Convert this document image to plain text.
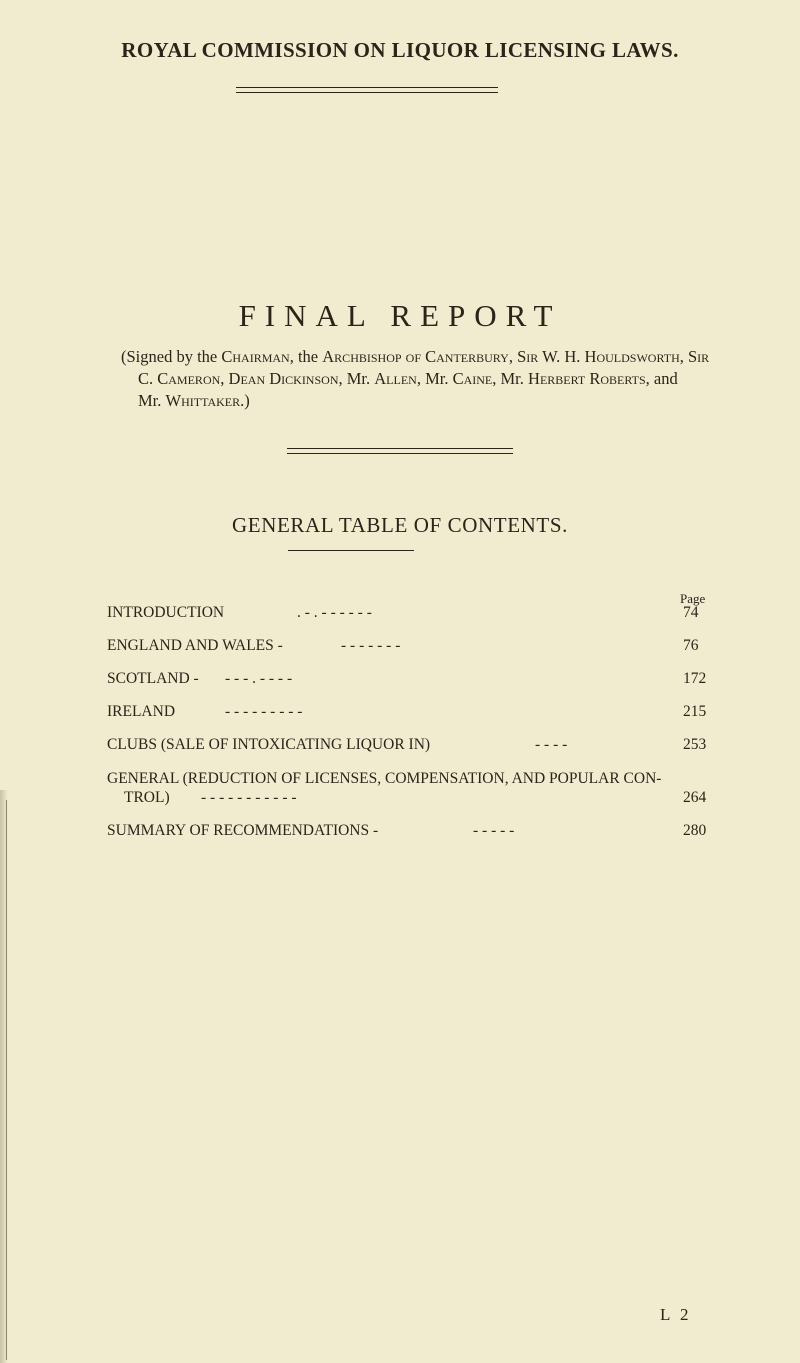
ROYAL COMMISSION ON LIQUOR LICENSING LAWS.
FINAL REPORT
(Signed by the Chairman, the Archbishop of Canterbury, Sir W. H. Houldsworth, Sir
C. Cameron, Dean Dickinson, Mr. Allen, Mr. Caine, Mr. Herbert Roberts, and
Mr. Whittaker.)
GENERAL TABLE OF CONTENTS.
Page
INTRODUCTION	. - . - - - - - -	74
ENGLAND AND WALES -	- - - - - - -	76
SCOTLAND - - - - . - - - -	172
IRELAND	- - - - - - - - -	215
CLUBS (SALE OF INTOXICATING LIQUOR IN)	- - - -	253
GENERAL (REDUCTION OF LICENSES, COMPENSATION, AND POPULAR CON-
TROL) - - - - - - - - - - -	264
SUMMARY OF RECOMMENDATIONS -	- - - - -	280
L 2
